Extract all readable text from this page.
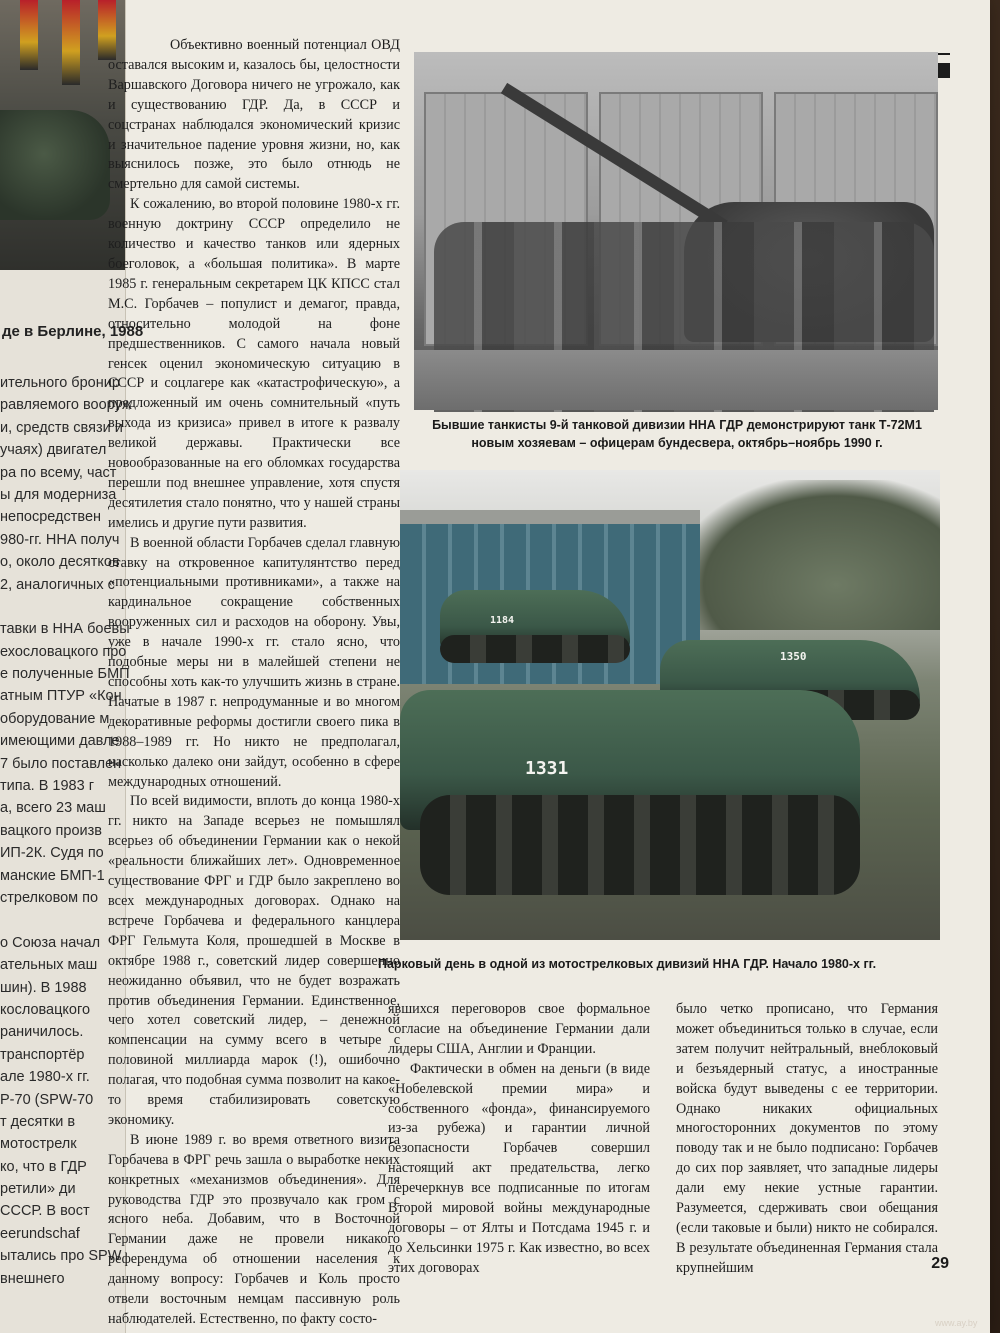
де в Берлине, 1988
ительного бронир
равляемого вооруж
и, средств связи и
учаях) двигател
ра по всему, част
ы для модерниза
непосредствен
980-гг. ННА получ
о, около десятков
2, аналогичных с
тавки в ННА боевы
ехословацкого про
е полученные БМП
атным ПТУР «Кон
оборудование м
имеющими давле
7 было поставлен
типа. В 1983 г
а, всего 23 маш
вацкого произв
ИП-2К. Судя по
манские БМП-1
стрелковом по
о Союза начал
ательных маш
шин). В 1988
кословацкого
раничилось.
транспортёр
але 1980-х гг.
Р-70 (SPW-70
т десятки в
мотострелк
ко, что в ГДР
ретили» ди
СССР. В вост
eerundschaf
ытались про SPW
внешнего

Объективно военный потенциал ОВД оставался высоким и, казалось бы, целостности Варшавского Договора ничего не угрожало, как и существованию ГДР. Да, в СССР и соцстранах наблюдался экономический кризис и значительное падение уровня жизни, но, как выяснилось позже, это было отнюдь не смертельно для самой системы.

К сожалению, во второй половине 1980-х гг. военную доктрину СССР определило не количество и качество танков или ядерных боеголовок, а «большая политика». В марте 1985 г. генеральным секретарем ЦК КПСС стал М.С. Горбачев – популист и демагог, правда, относительно молодой на фоне предшественников. С самого начала новый генсек оценил экономическую ситуацию в СССР и соцлагере как «катастрофическую», а предложенный им очень сомнительный «путь выхода из кризиса» привел в итоге к развалу великой державы. Практически все новообразованные на его обломках государства перешли под внешнее управление, хотя спустя десятилетия стало понятно, что у нашей страны имелись и другие пути развития.

В военной области Горбачев сделал главную ставку на откровенное капитулянтство перед «потенциальными противниками», а также на кардинальное сокращение собственных вооруженных сил и расходов на оборону. Увы, уже в начале 1990-х гг. стало ясно, что подобные меры ни в малейшей степени не способны хоть как-то улучшить жизнь в стране. Начатые в 1987 г. непродуманные и во многом декоративные реформы достигли своего пика в 1988–1989 гг. Но никто не предполагал, насколько далеко они зайдут, особенно в сфере международных отношений.

По всей видимости, вплоть до конца 1980-х гг. никто на Западе всерьез не помышлял всерьез об объединении Германии как о некой «реальности ближайших лет». Одновременное существование ФРГ и ГДР было закреплено во всех международных договорах. Однако на встрече Горбачева и федерального канцлера ФРГ Гельмута Коля, прошедшей в Москве в октябре 1988 г., советский лидер совершенно неожиданно объявил, что не будет возражать против объединения Германии. Единственное, чего хотел советский лидер, – денежной компенсации на сумму всего в четыре с половиной миллиарда марок (!), ошибочно полагая, что подобная сумма позволит на какое-то время стабилизировать советскую экономику.

В июне 1989 г. во время ответного визита Горбачева в ФРГ речь зашла о выработке неких конкретных «механизмов объединения». Для руководства ГДР это прозвучало как гром с ясного неба. Добавим, что в Восточной Германии даже не провели никакого референдума об отношении населения к данному вопросу: Горбачев и Коль просто отвели восточным немцам пассивную роль наблюдателей. Естественно, по факту состо-

Бывшие танкисты 9-й танковой дивизии ННА ГДР демонстрируют танк Т-72М1 новым хозяевам – офицерам бундесвера, октябрь–ноябрь 1990 г.
1184
1350
1331
Парковый день в одной из мотострелковых дивизий ННА ГДР. Начало 1980-х гг.

явшихся переговоров свое формальное согласие на объединение Германии дали лидеры США, Англии и Франции.

Фактически в обмен на деньги (в виде «Нобелевской премии мира» и собственного «фонда», финансируемого из-за рубежа) и гарантии личной безопасности Горбачев совершил настоящий акт предательства, легко перечеркнув все подписанные по итогам Второй мировой войны международные договоры – от Ялты и Потсдама 1945 г. и до Хельсинки 1975 г. Как известно, во всех этих договорах

было четко прописано, что Германия может объединиться только в случае, если затем получит нейтральный, внеблоковый и безъядерный статус, а иностранные войска будут выведены с ее территории. Однако никаких официальных многосторонних документов по этому поводу так и не было подписано: Горбачев до сих пор заявляет, что западные лидеры дали ему некие устные гарантии. Разумеется, сдерживать свои обещания (если таковые и были) никто не собирался. В результате объединенная Германия стала крупнейшим	29
www.ay.by
